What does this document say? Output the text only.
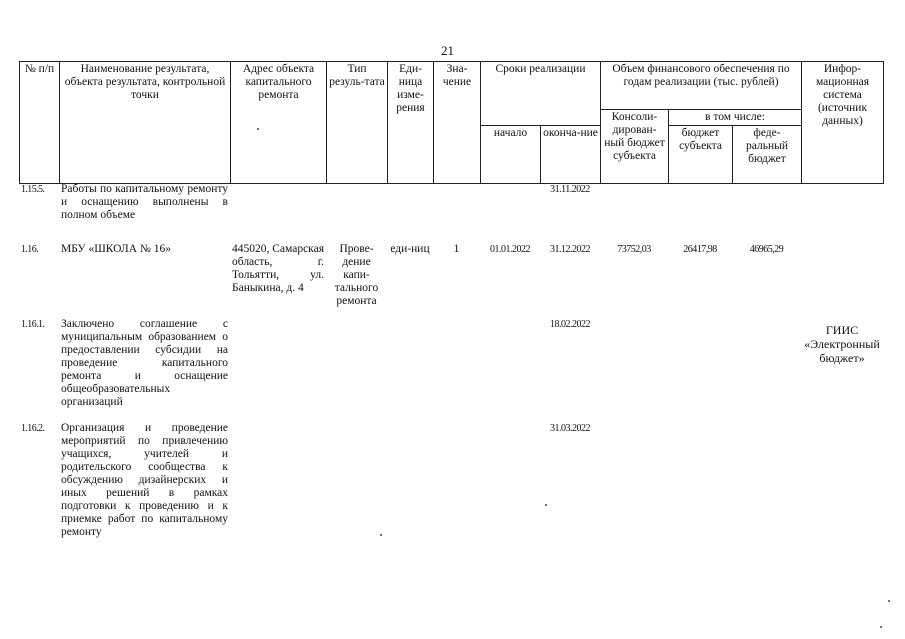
21
№ п/п	Наименование результата, объекта результата, контрольной точки	Адрес объекта капитального ремонта	Тип резуль-тата	Еди-ница изме-рения	Зна-чение	Сроки реализации		Объем финансового обеспечения по годам реализации (тыс. рублей)			Инфор-мационная система (источник данных)
								Консоли-дирован-ный бюджет субъекта	в том числе:		
						начало	оконча-ние		бюджет субъекта	феде-ральный бюджет	

1.15.5.	Работы по капитальному ремонту и оснащению выполнены в полном объеме						31.11.2022				
1.16.	МБУ «ШКОЛА № 16»	445020, Самарская область, г. Тольятти, ул. Баныкина, д. 4	Прове-дение капи-тального ремонта	еди-ниц	1	01.01.2022	31.12.2022	73752,03	26417,98	46965,29	
1.16.1.	Заключено соглашение с муниципальным образованием о предоставлении субсидии на проведение капитального ремонта и оснащение общеобразовательных организаций						18.02.2022				ГИИС «Электронный бюджет»
1.16.2.	Организация и проведение мероприятий по привлечению учащихся, учителей и родительского сообщества к обсуждению дизайнерских и иных решений в рамках подготовки к проведению и к приемке работ по капитальному ремонту						31.03.2022				
